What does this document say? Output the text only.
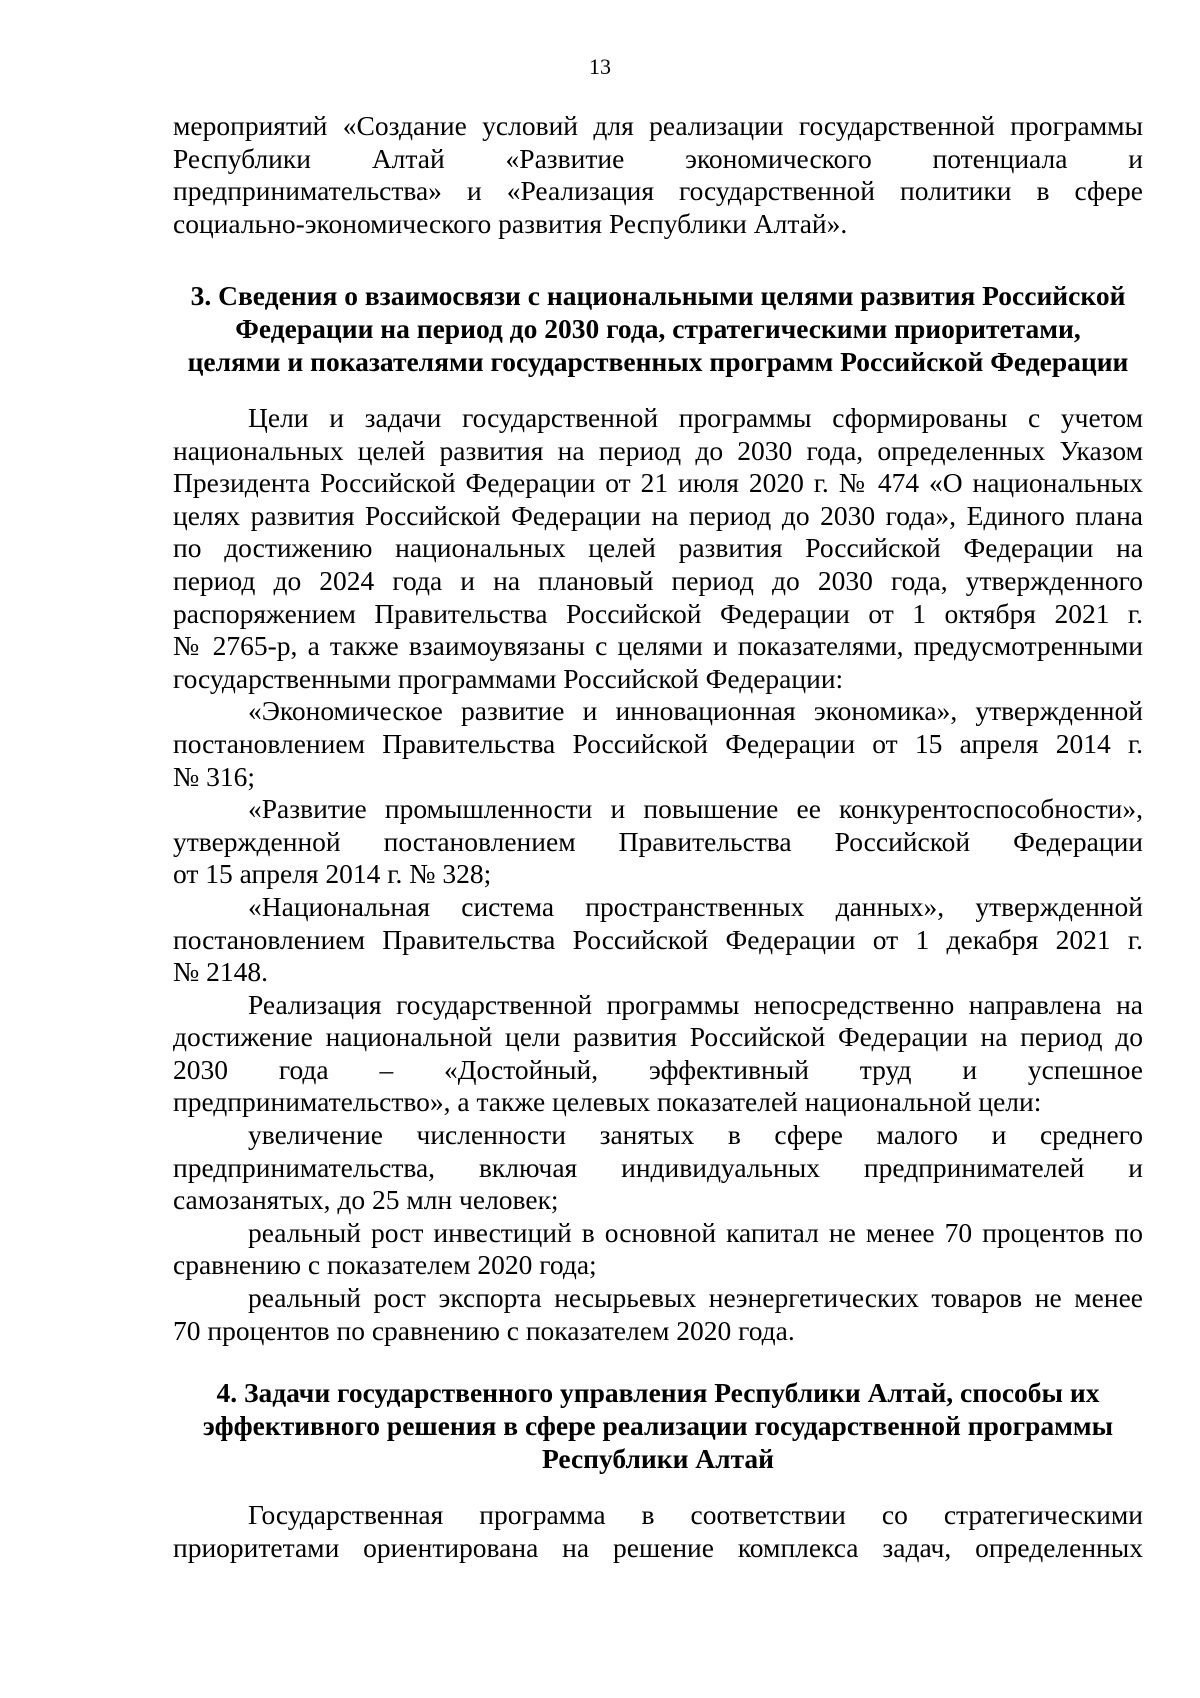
13

мероприятий «Создание условий для реализации государственной программы

Республики Алтай «Развитие экономического потенциала и

предпринимательства» и «Реализация государственной политики в сфере

социально-экономического развития Республики Алтай».

3. Сведения о взаимосвязи с национальными целями развития Российской

Федерации на период до 2030 года, стратегическими приоритетами,

целями и показателями государственных программ Российской Федерации

Цели и задачи государственной программы сформированы с учетом

национальных целей развития на период до 2030 года, определенных Указом

Президента Российской Федерации от 21 июля 2020 г. № 474 «О национальных

целях развития Российской Федерации на период до 2030 года», Единого плана

по достижению национальных целей развития Российской Федерации на

период до 2024 года и на плановый период до 2030 года, утвержденного

распоряжением Правительства Российской Федерации от 1 октября 2021 г.

№ 2765-р, а также взаимоувязаны с целями и показателями, предусмотренными

государственными программами Российской Федерации:

«Экономическое развитие и инновационная экономика», утвержденной

постановлением Правительства Российской Федерации от 15 апреля 2014 г.

№ 316;

«Развитие промышленности и повышение ее конкурентоспособности»,

утвержденной постановлением Правительства Российской Федерации

от 15 апреля 2014 г. № 328;

«Национальная система пространственных данных», утвержденной

постановлением Правительства Российской Федерации от 1 декабря 2021 г.

№ 2148.

Реализация государственной программы непосредственно направлена на

достижение национальной цели развития Российской Федерации на период до

2030 года – «Достойный, эффективный труд и успешное

предпринимательство», а также целевых показателей национальной цели:

увеличение численности занятых в сфере малого и среднего

предпринимательства, включая индивидуальных предпринимателей и

самозанятых, до 25 млн человек;

реальный рост инвестиций в основной капитал не менее 70 процентов по

сравнению с показателем 2020 года;

реальный рост экспорта несырьевых неэнергетических товаров не менее

70 процентов по сравнению с показателем 2020 года.

4. Задачи государственного управления Республики Алтай, способы их

эффективного решения в сфере реализации государственной программы

Республики Алтай

Государственная программа в соответствии со стратегическими

приоритетами ориентирована на решение комплекса задач, определенных
